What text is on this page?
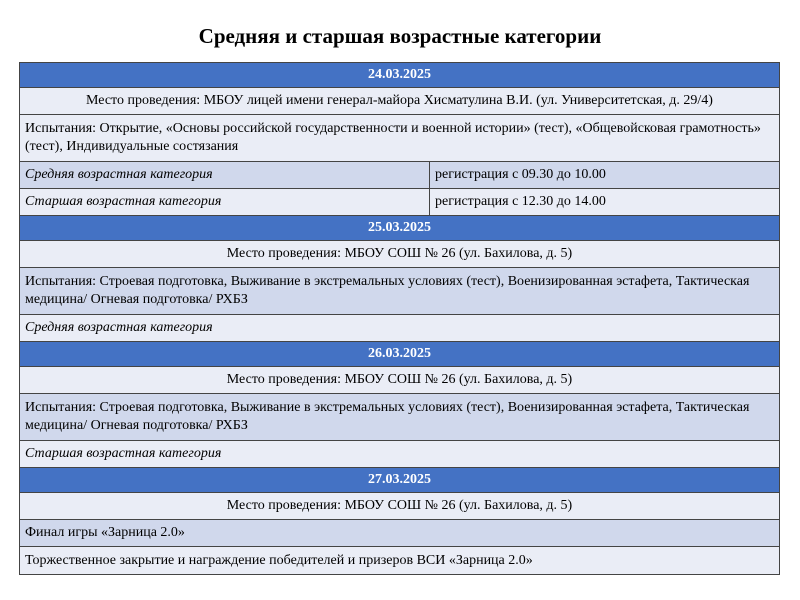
Средняя и старшая возрастные категории
24.03.2025	
Место проведения: МБОУ лицей имени генерал-майора Хисматулина В.И. (ул. Университетская, д. 29/4)	
Испытания: Открытие, «Основы российской государственности и военной истории» (тест), «Общевойсковая грамотность» (тест), Индивидуальные состязания	
Средняя возрастная категория	регистрация с 09.30 до 10.00
Старшая возрастная категория	регистрация с 12.30 до 14.00
25.03.2025	
Место проведения: МБОУ СОШ № 26 (ул. Бахилова, д. 5)	
Испытания: Строевая подготовка, Выживание в экстремальных условиях (тест), Военизированная эстафета, Тактическая медицина/ Огневая подготовка/ РХБЗ	
Средняя возрастная категория	
26.03.2025	
Место проведения: МБОУ СОШ № 26 (ул. Бахилова, д. 5)	
Испытания: Строевая подготовка, Выживание в экстремальных условиях (тест), Военизированная эстафета, Тактическая медицина/ Огневая подготовка/ РХБЗ	
Старшая возрастная категория	
27.03.2025	
Место проведения: МБОУ СОШ № 26 (ул. Бахилова, д. 5)	
Финал игры «Зарница 2.0»	
Торжественное закрытие и награждение победителей и призеров ВСИ «Зарница 2.0»	
